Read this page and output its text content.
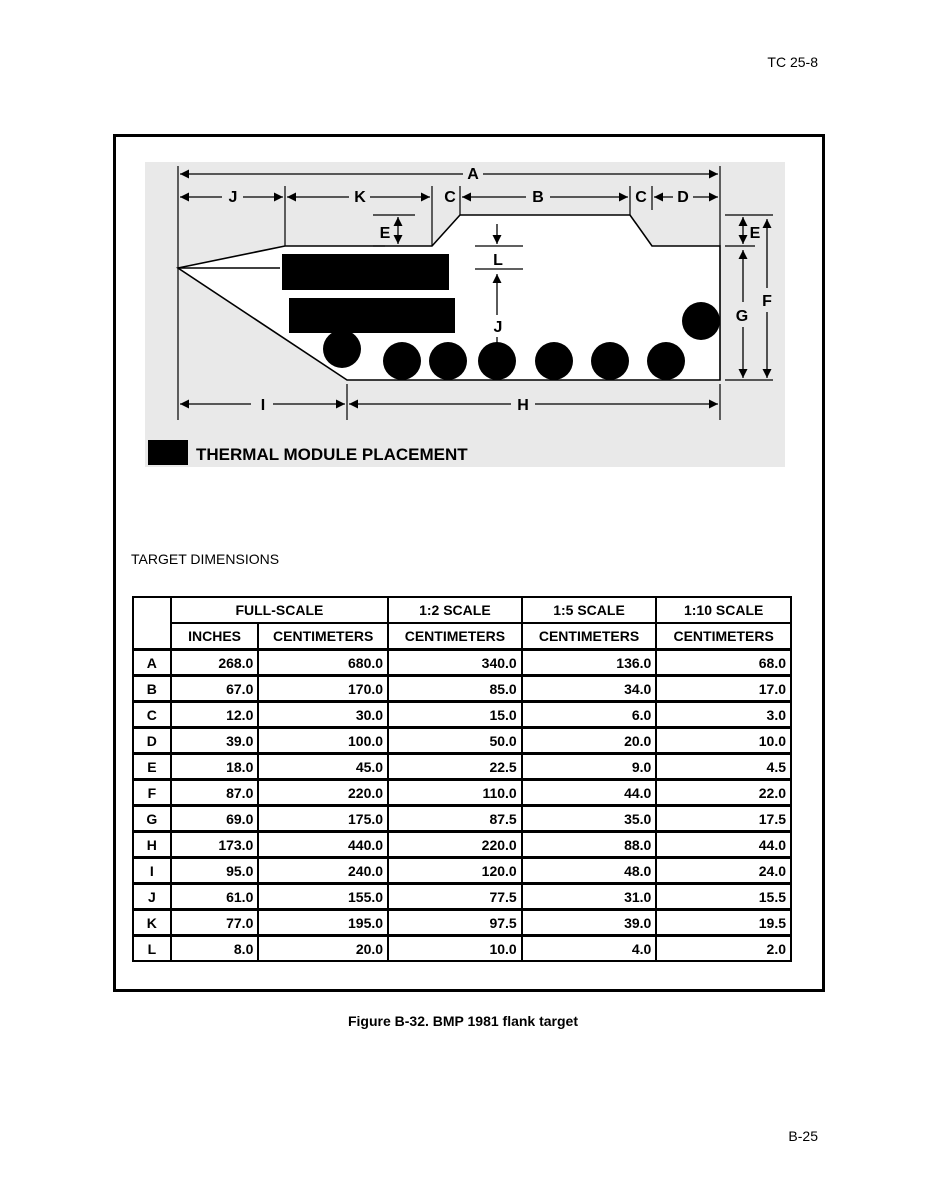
TC 25-8
A
J	K	C	B	C D
E
L
J
E
G
F
I	H
THERMAL MODULE PLACEMENT
TARGET DIMENSIONS
	FULL-SCALE		1:2 SCALE	1:5 SCALE	1:10 SCALE
	INCHES	CENTIMETERS	CENTIMETERS	CENTIMETERS	CENTIMETERS
A	268.0	680.0	340.0	136.0	68.0
B	67.0	170.0	85.0	34.0	17.0
C	12.0	30.0	15.0	6.0	3.0
D	39.0	100.0	50.0	20.0	10.0
E	18.0	45.0	22.5	9.0	4.5
F	87.0	220.0	110.0	44.0	22.0
G	69.0	175.0	87.5	35.0	17.5
H	173.0	440.0	220.0	88.0	44.0
I	95.0	240.0	120.0	48.0	24.0
J	61.0	155.0	77.5	31.0	15.5
K	77.0	195.0	97.5	39.0	19.5
L	8.0	20.0	10.0	4.0	2.0
Figure B-32. BMP 1981 flank target
B-25
